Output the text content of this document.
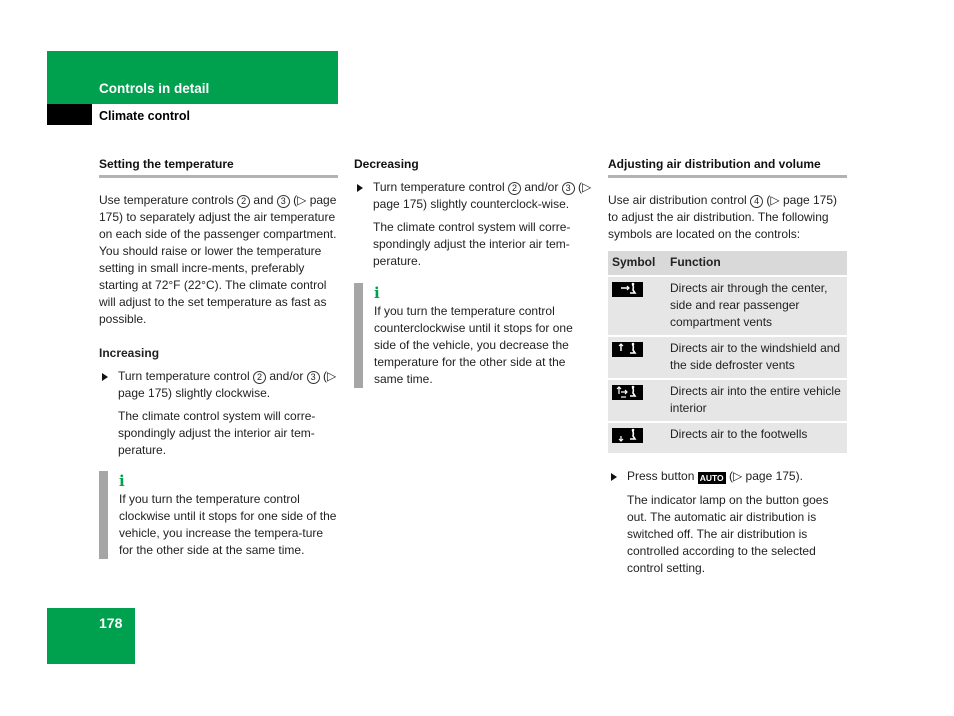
Controls in detail
Climate control
Setting the temperature

Use temperature controls 2 and 3 (▷ page 175) to separately adjust the air temperature on each side of the passenger compartment. You should raise or lower the temperature setting in small incre-ments, preferably starting at 72°F (22°C). The climate control will adjust to the set temperature as fast as possible.

Increasing

Turn temperature control 2 and/or 3 (▷ page 175) slightly clockwise.

The climate control system will corre-spondingly adjust the interior air tem-perature.

i

If you turn the temperature control clockwise until it stops for one side of the vehicle, you increase the tempera-ture for the other side at the same time.

Decreasing

Turn temperature control 2 and/or 3 (▷ page 175) slightly counterclock-wise.

The climate control system will corre-spondingly adjust the interior air tem-perature.

i

If you turn the temperature control counterclockwise until it stops for one side of the vehicle, you decrease the temperature for the other side at the same time.

Adjusting air distribution and volume

Use air distribution control 4 (▷ page 175) to adjust the air distribution. The following symbols are located on the controls:

Symbol	Function

	Directs air through the center, side and rear passenger compartment vents

	Directs air to the windshield and the side defroster vents

	Directs air into the entire vehicle interior

	Directs air to the footwells

Press button AUTO (▷ page 175).

The indicator lamp on the button goes out. The automatic air distribution is switched off. The air distribution is controlled according to the selected control setting.

178
